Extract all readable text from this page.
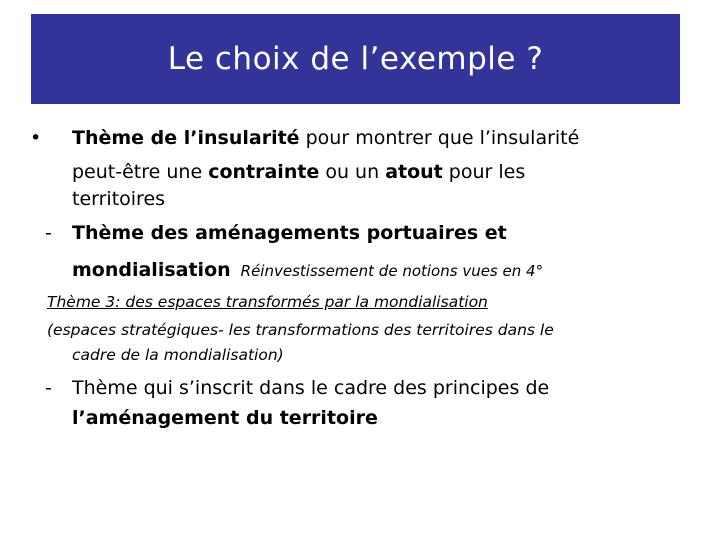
Le choix de l’exemple ?
• Thème de l’insularité pour montrer que l’insularité
peut-être une contrainte ou un atout pour les
territoires
- Thème des aménagements portuaires et
mondialisation Réinvestissement de notions vues en 4°
Thème 3: des espaces transformés par la mondialisation
(espaces stratégiques- les transformations des territoires dans le
cadre de la mondialisation)
- Thème qui s’inscrit dans le cadre des principes de
l’aménagement du territoire
